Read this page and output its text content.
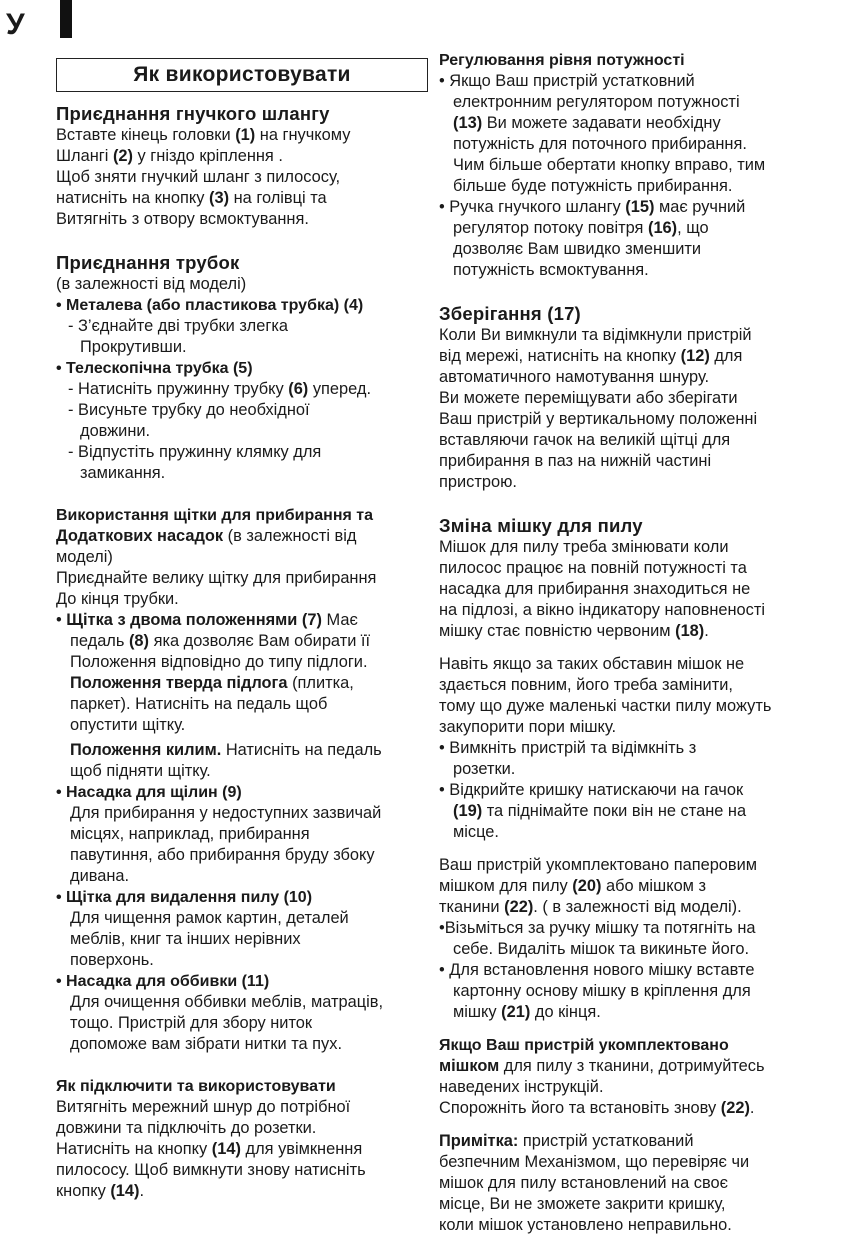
У
Як використовувати

Приєднання гнучкого шлангу

Вставте кінець головки (1) на гнучкому

Шлангі (2) у гніздо кріплення .

Щоб зняти гнучкий шланг з пилососу,

натисніть на кнопку (3) на голівці та

Витягніть з отвору всмоктування.

Приєднання трубок

(в залежності від моделі)

• Металева (або пластикова трубка) (4)

- З’єднайте дві трубки злегка

Прокрутивши.

• Телескопічна трубка (5)

- Натисніть пружинну трубку (6) уперед.

- Висуньте трубку до необхідної

довжини.

- Відпустіть пружинну клямку для

замикання.

Використання щітки для прибирання та

Додаткових насадок (в залежності від

моделі)

Приєднайте велику щітку для прибирання

До кінця трубки.

• Щітка з двома положеннями (7) Має

педаль (8) яка дозволяє Вам обирати її

Положення відповідно до типу підлоги.

Положення тверда підлога (плитка,

паркет). Натисніть на педаль щоб

опустити щітку.

Положення килим. Натисніть на педаль

щоб підняти щітку.

• Насадка для щілин (9)

Для прибирання у недоступних зазвичай

місцях, наприклад, прибирання

павутиння, або прибирання бруду збоку

дивана.

• Щітка для видалення пилу (10)

Для чищення рамок картин, деталей

меблів, книг та інших нерівних

поверхонь.

• Насадка для оббивки (11)

Для очищення оббивки меблів, матраців,

тощо. Пристрій для збору ниток

допоможе вам зібрати нитки та пух.

Як підключити та використовувати

Витягніть мережний шнур до потрібної

довжини та підключіть до розетки.

Натисніть на кнопку (14) для увімкнення

пилососу. Щоб вимкнути знову натисніть

кнопку (14).

Регулювання рівня потужності

• Якщо Ваш пристрій устатковний

електронним регулятором потужності

(13) Ви можете задавати необхідну

потужність для поточного прибирання.

Чим більше обертати кнопку вправо, тим

більше буде потужність прибирання.

• Ручка гнучкого шлангу (15) має ручний

регулятор потоку повітря (16), що

дозволяє Вам швидко зменшити

потужність всмоктування.

Зберігання (17)

Коли Ви вимкнули та відімкнули пристрій

від мережі, натисніть на кнопку (12) для

автоматичного намотування шнуру.

Ви можете переміщувати або зберігати

Ваш пристрій у вертикальному положенні

вставляючи гачок на великій щітці для

прибирання в паз на нижній частині

пристрою.

Зміна мішку для пилу

Мішок для пилу треба змінювати коли

пилосос працює на повній потужності та

насадка для прибирання знаходиться не

на підлозі, а вікно індикатору наповненості

мішку стає повністю червоним (18).

Навіть якщо за таких обставин мішок не

здається повним, його треба замінити,

тому що дуже маленькі частки пилу можуть

закупорити пори мішку.

• Вимкніть пристрій та відімкніть з

розетки.

• Відкрийте кришку натискаючи на гачок

(19) та піднімайте поки він не стане на

місце.

Ваш пристрій укомплектовано паперовим

мішком для пилу (20) або мішком з

тканини (22). ( в залежності від моделі).

•Візьміться за ручку мішку та потягніть на

себе. Видаліть мішок та викиньте його.

• Для встановлення нового мішку вставте

картонну основу мішку в кріплення для

мішку (21) до кінця.

Якщо Ваш пристрій укомплектовано

мішком для пилу з тканини, дотримуйтесь

наведених інструкцій.

Спорожніть його та встановіть знову (22).

Примітка: пристрій устаткований

безпечним Механізмом, що перевіряє чи

мішок для пилу встановлений на своє

місце, Ви не зможете закрити кришку,

коли мішок установлено неправильно.
